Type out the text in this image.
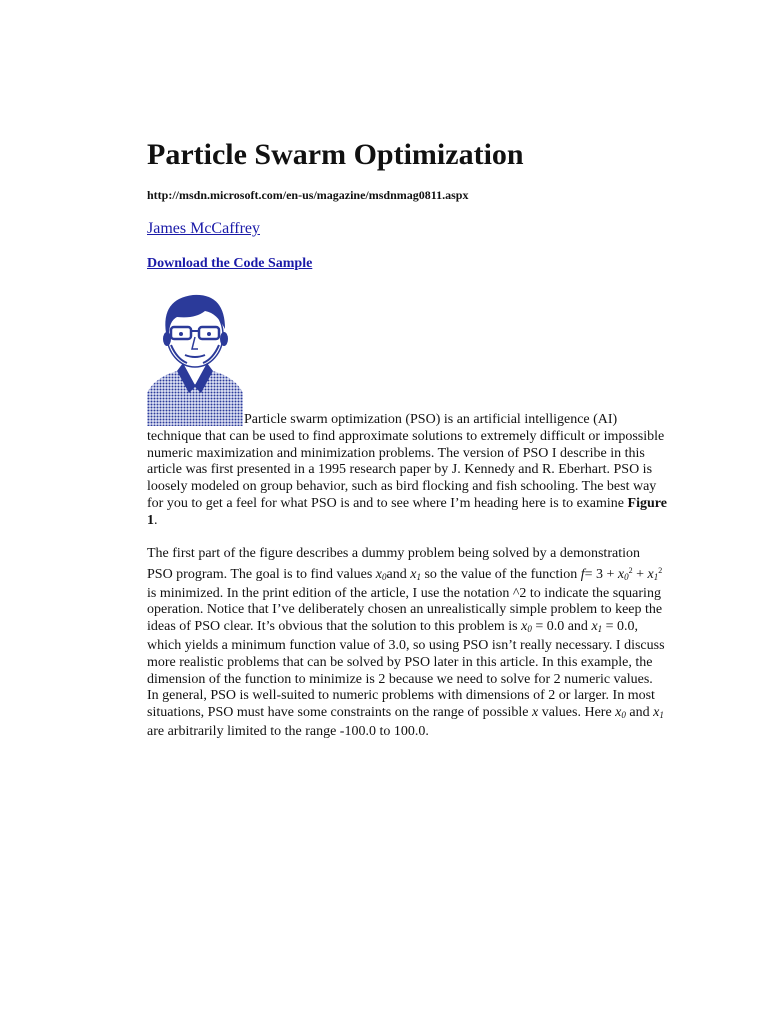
Particle Swarm Optimization
http://msdn.microsoft.com/en-us/magazine/msdnmag0811.aspx
James McCaffrey
Download the Code Sample
Particle swarm optimization (PSO) is an artificial intelligence (AI) technique that can be used to find approximate solutions to extremely difficult or impossible numeric maximization and minimization problems. The version of PSO I describe in this article was first presented in a 1995 research paper by J. Kennedy and R. Eberhart. PSO is loosely modeled on group behavior, such as bird flocking and fish schooling. The best way for you to get a feel for what PSO is and to see where I’m heading here is to examine Figure 1.
The first part of the figure describes a dummy problem being solved by a demonstration PSO program. The goal is to find values $x_0and$ $x_1$ so the value of the function $f= 3 + x_0^2 + x_1^2$ is minimized. In the print edition of the article, I use the notation ^2 to indicate the squaring operation. Notice that I’ve deliberately chosen an unrealistically simple problem to keep the ideas of PSO clear. It’s obvious that the solution to this problem is $x_0 = 0.0$ and $x_1 = 0.0$, which yields a minimum function value of 3.0, so using PSO isn’t really necessary. I discuss more realistic problems that can be solved by PSO later in this article. In this example, the dimension of the function to minimize is 2 because we need to solve for 2 numeric values. In general, PSO is well-suited to numeric problems with dimensions of 2 or larger. In most situations, PSO must have some constraints on the range of possible x values. Here $x_0$ and $x_1$ are arbitrarily limited to the range -100.0 to 100.0.
